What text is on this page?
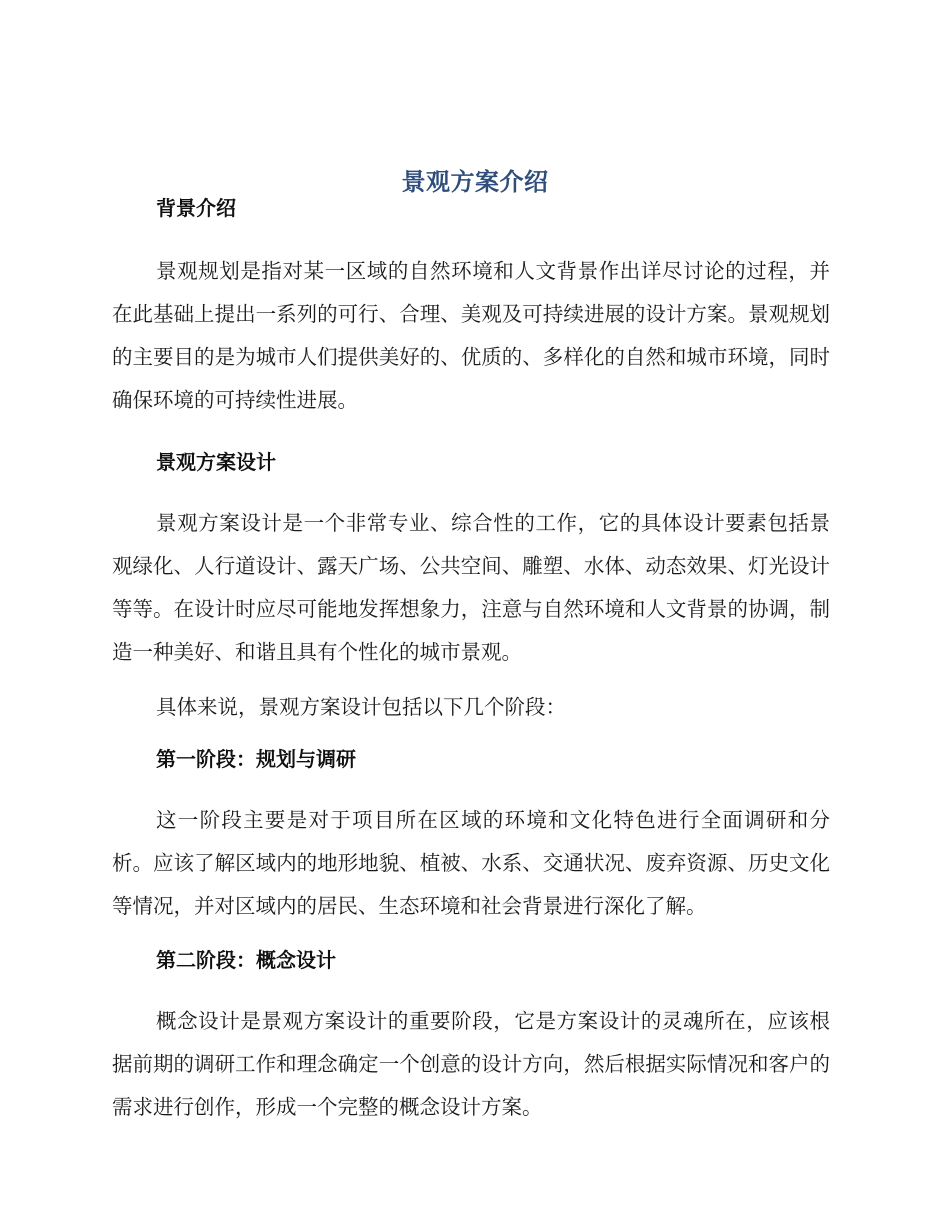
景观方案介绍
背景介绍

景观规划是指对某一区域的自然环境和人文背景作出详尽讨论的过程，并在此基础上提出一系列的可行、合理、美观及可持续进展的设计方案。景观规划的主要目的是为城市人们提供美好的、优质的、多样化的自然和城市环境，同时确保环境的可持续性进展。

景观方案设计

景观方案设计是一个非常专业、综合性的工作，它的具体设计要素包括景观绿化、人行道设计、露天广场、公共空间、雕塑、水体、动态效果、灯光设计等等。在设计时应尽可能地发挥想象力，注意与自然环境和人文背景的协调，制造一种美好、和谐且具有个性化的城市景观。

具体来说，景观方案设计包括以下几个阶段：

第一阶段：规划与调研

这一阶段主要是对于项目所在区域的环境和文化特色进行全面调研和分析。应该了解区域内的地形地貌、植被、水系、交通状况、废弃资源、历史文化等情况，并对区域内的居民、生态环境和社会背景进行深化了解。

第二阶段：概念设计

概念设计是景观方案设计的重要阶段，它是方案设计的灵魂所在，应该根据前期的调研工作和理念确定一个创意的设计方向，然后根据实际情况和客户的需求进行创作，形成一个完整的概念设计方案。
